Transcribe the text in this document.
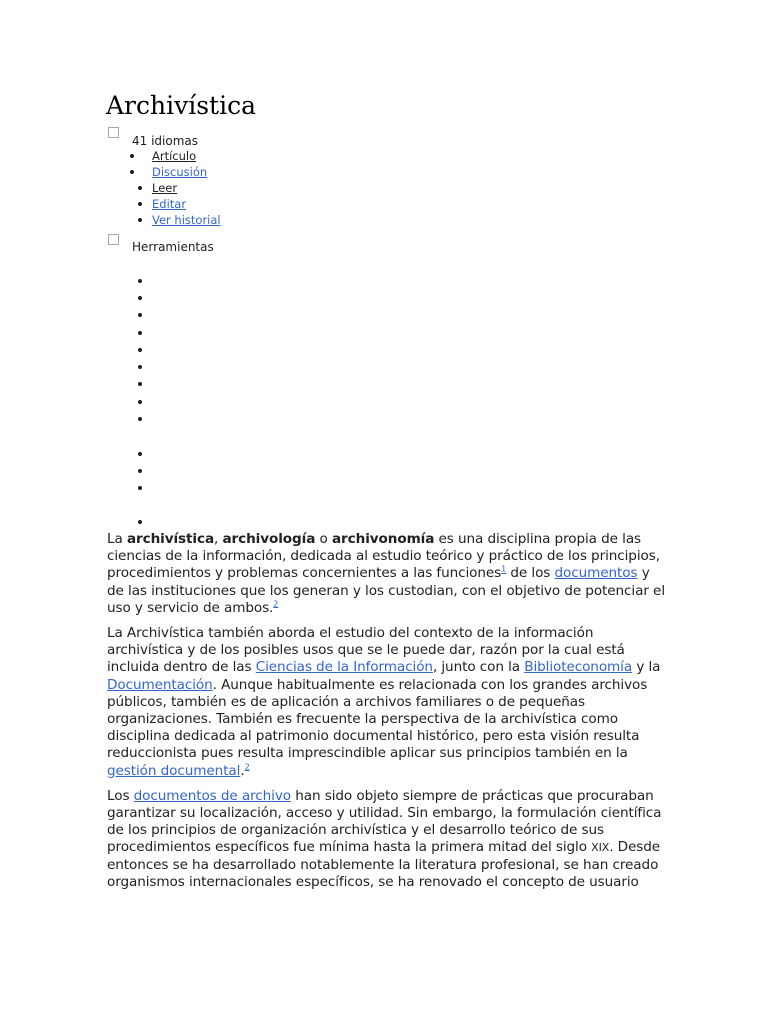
Archivística
41 idiomas
Artículo
Discusión
Leer
Editar
Ver historial
Herramientas

La archivística, archivología o archivonomía es una disciplina propia de las ciencias de la información, dedicada al estudio teórico y práctico de los principios, procedimientos y problemas concernientes a las funciones$^1$ de los documentos y de las instituciones que los generan y los custodian, con el objetivo de potenciar el uso y servicio de ambos.$^2$

La Archivística también aborda el estudio del contexto de la información archivística y de los posibles usos que se le puede dar, razón por la cual está incluida dentro de las Ciencias de la Información, junto con la Biblioteconomía y la Documentación. Aunque habitualmente es relacionada con los grandes archivos públicos, también es de aplicación a archivos familiares o de pequeñas organizaciones. También es frecuente la perspectiva de la archivística como disciplina dedicada al patrimonio documental histórico, pero esta visión resulta reduccionista pues resulta imprescindible aplicar sus principios también en la gestión documental.$^2$

Los documentos de archivo han sido objeto siempre de prácticas que procuraban garantizar su localización, acceso y utilidad. Sin embargo, la formulación científica de los principios de organización archivística y el desarrollo teórico de sus procedimientos específicos fue mínima hasta la primera mitad del siglo XIX. Desde entonces se ha desarrollado notablemente la literatura profesional, se han creado organismos internacionales específicos, se ha renovado el concepto de usuario
